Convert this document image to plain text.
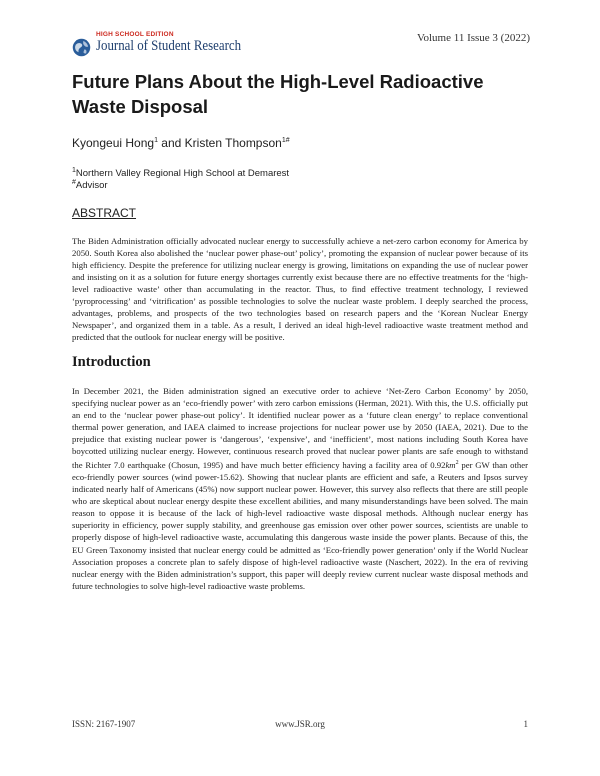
HIGH SCHOOL EDITION
Journal of Student Research	Volume 11 Issue 3 (2022)
Future Plans About the High-Level Radioactive Waste Disposal
Kyongeui Hong$^1$ and Kristen Thompson$^{1\#}$
$^1$Northern Valley Regional High School at Demarest
#Advisor
ABSTRACT

The Biden Administration officially advocated nuclear energy to successfully achieve a net-zero carbon economy for America by 2050. South Korea also abolished the ‘nuclear power phase-out’ policy’, promoting the expansion of nuclear power because of its high efficiency. Despite the preference for utilizing nuclear energy is growing, limitations on expanding the use of nuclear power and insisting on it as a solution for future energy shortages currently exist because there are no effective treatments for the ‘high-level radioactive waste’ other than accumulating in the reactor. Thus, to find effective treatment technology, I reviewed ‘pyroprocessing’ and ‘vitrification’ as possible technologies to solve the nuclear waste problem. I deeply searched the process, advantages, problems, and prospects of the two technologies based on research papers and the ‘Korean Nuclear Energy Newspaper’, and organized them in a table. As a result, I derived an ideal high-level radioactive waste treatment method and predicted that the outlook for nuclear energy will be positive.

Introduction

In December 2021, the Biden administration signed an executive order to achieve ‘Net-Zero Carbon Economy’ by 2050, specifying nuclear power as an ‘eco-friendly power’ with zero carbon emissions (Herman, 2021). With this, the U.S. officially put an end to the ‘nuclear power phase-out policy’. It identified nuclear power as a ‘future clean energy’ to replace conventional thermal power generation, and IAEA claimed to increase projections for nuclear power use by 2050 (IAEA, 2021). Due to the prejudice that existing nuclear power is ‘dangerous’, ‘expensive’, and ‘inefficient’, most nations including South Korea have boycotted utilizing nuclear energy. However, continuous research proved that nuclear power plants are safe enough to withstand the Richter 7.0 earthquake (Chosun, 1995) and have much better efficiency having a facility area of $0.92km^2$ per GW than other eco-friendly power sources (wind power-15.62). Showing that nuclear plants are efficient and safe, a Reuters and Ipsos survey indicated nearly half of Americans (45%) now support nuclear power. However, this survey also reflects that there are still people who are skeptical about nuclear energy despite these excellent abilities, and many misunderstandings have been solved. The main reason to oppose it is because of the lack of high-level radioactive waste disposal methods. Although nuclear energy has superiority in efficiency, power supply stability, and greenhouse gas emission over other power sources, scientists are unable to properly dispose of high-level radioactive waste, accumulating this dangerous waste inside the power plants. Because of this, the EU Green Taxonomy insisted that nuclear energy could be admitted as ‘Eco-friendly power generation’ only if the World Nuclear Association proposes a concrete plan to safely dispose of high-level radioactive waste (Naschert, 2022). In the era of reviving nuclear energy with the Biden administration’s support, this paper will deeply review current nuclear waste disposal methods and future technologies to solve high-level radioactive waste problems.

ISSN: 2167-1907	www.JSR.org	1
